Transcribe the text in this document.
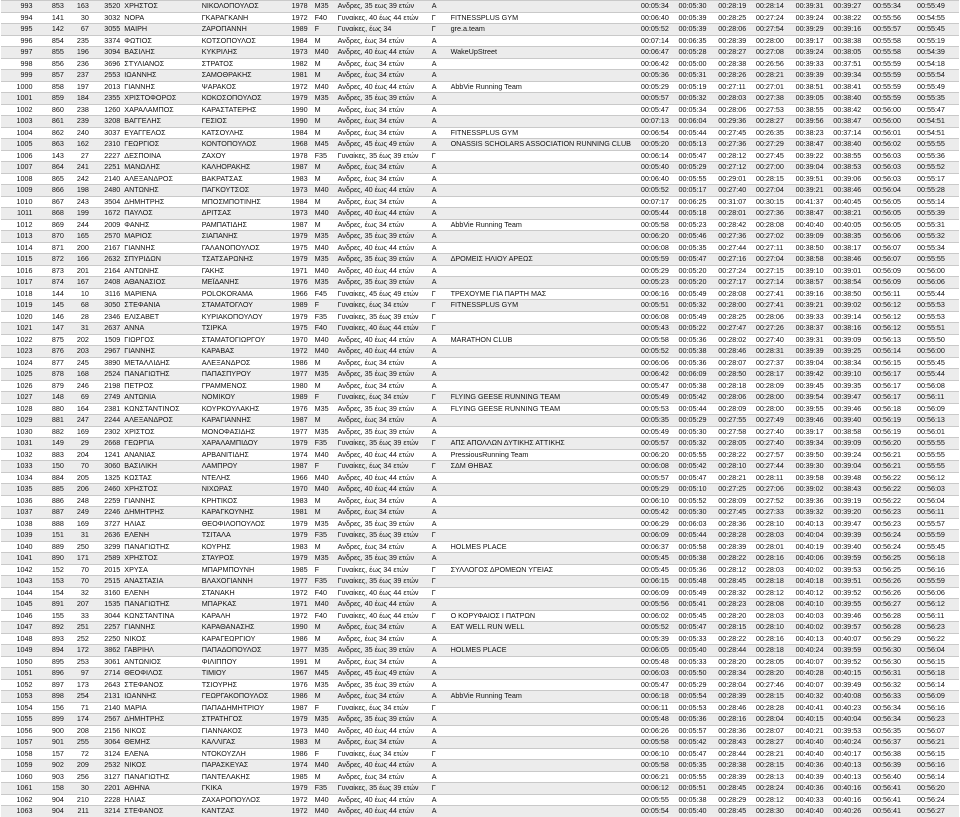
993	853	163	3520	ΧΡΗΣΤΟΣ	ΝΙΚΟΛΟΠΟΥΛΟΣ	1978	M35	Ανδρες, 35 εως 39 ετών	Α		00:05:34	00:05:30	00:28:19	00:28:14	00:39:31	00:39:27	00:55:34	00:55:49
994	141	30	3032	ΝΟΡΑ	ΓΚΑΡΑΓΚΑΝΗ	1972	F40	Γυναίκες, 40 έως 44 ετών	Γ	FITNESSPLUS GYM	00:06:40	00:05:39	00:28:25	00:27:24	00:39:24	00:38:22	00:55:56	00:54:55
995	142	67	3055	ΜΑΙΡΗ	ΖΑΡΟΠΑΝΝΗ	1989	F	Γυναίκες, έως 34	Γ	gre.a.team	00:05:52	00:05:39	00:28:06	00:27:54	00:39:29	00:39:16	00:55:57	00:55:45
996	854	235	3374	ΦΩΤΙΟΣ	ΚΟΤΣΟΠΟΥΛΟΣ	1984	M	Ανδρες, έως 34 ετών	Α		00:07:14	00:06:35	00:28:39	00:28:00	00:39:17	00:38:38	00:55:58	00:55:19
997	855	196	3094	ΒΑΣΙΛΗΣ	ΚΥΚΡΙΛΗΣ	1973	M40	Ανδρες, 40 έως 44 ετών	Α	WakeUpStreet	00:06:47	00:05:28	00:28:27	00:27:08	00:39:24	00:38:05	00:55:58	00:54:39
998	856	236	3696	ΣΤΥΛΙΑΝΟΣ	ΣΤΡΑΤΟΣ	1982	M	Ανδρες, έως 34 ετών	Α		00:06:42	00:05:00	00:28:38	00:26:56	00:39:33	00:37:51	00:55:59	00:54:18
999	857	237	2553	ΙΩΑΝΝΗΣ	ΣΑΜΟΘΡΑΚΗΣ	1981	M	Ανδρες, έως 34 ετών	Α		00:05:36	00:05:31	00:28:26	00:28:21	00:39:39	00:39:34	00:55:59	00:55:54
1000	858	197	2013	ΓΙΑΝΝΗΣ	ΨΑΡΑΚΟΣ	1972	M40	Ανδρες, 40 έως 44 ετών	Α	AbbVie Running Team	00:05:29	00:05:19	00:27:11	00:27:01	00:38:51	00:38:41	00:55:59	00:55:49
1001	859	184	2355	ΧΡΙΣΤΟΦΟΡΟΣ	ΚΟΚΟΣΟΠΟΥΛΟΣ	1979	M35	Ανδρες, 35 έως 39 ετών	Α		00:05:57	00:05:32	00:28:03	00:27:38	00:39:05	00:38:40	00:55:59	00:55:35
1002	860	238	1260	ΧΑΡΑΛΑΜΠΟΣ	ΚΑΡΑΣΤΑΤΕΡΗΣ	1990	M	Ανδρες, έως 34 ετών	Α		00:05:47	00:05:34	00:28:06	00:27:53	00:38:55	00:38:42	00:56:00	00:55:47
1003	861	239	3208	ΒΑΓΓΕΛΗΣ	ΓΕΣΙΟΣ	1990	M	Ανδρες, έως 34 ετών	Α		00:07:13	00:06:04	00:29:36	00:28:27	00:39:56	00:38:47	00:56:00	00:54:51
1004	862	240	3037	ΕΥΑΓΓΕΛΟΣ	ΚΑΤΣΟΥΛΗΣ	1984	M	Ανδρες, έως 34 ετών	Α	FITNESSPLUS GYM	00:06:54	00:05:44	00:27:45	00:26:35	00:38:23	00:37:14	00:56:01	00:54:51
1005	863	162	2310	ΓΕΩΡΓΙΟΣ	ΚΟΝΤΟΠΟΥΛΟΣ	1968	M45	Ανδρες, 45 έως 49 ετών	Α	ONASSIS SCHOLARS ASSOCIATION RUNNING CLUB	00:05:20	00:05:13	00:27:36	00:27:29	00:38:47	00:38:40	00:56:02	00:55:55
1006	143	27	2227	ΔΕΣΠΟΙΝΑ	ΖΑΧΟΥ	1978	F35	Γυναίκες, 35 έως 39 ετών	Γ		00:06:14	00:05:47	00:28:12	00:27:45	00:39:22	00:38:55	00:56:03	00:55:36
1007	864	241	2251	ΜΑΝΩΛΗΣ	ΚΑΛΗΟΡΑΚΗΣ	1987	M	Ανδρες, έως 34 ετών	Α		00:05:40	00:05:29	00:27:12	00:27:00	00:39:04	00:38:53	00:56:03	00:55:52
1008	865	242	2140	ΑΛΕΞΑΝΔΡΟΣ	ΒΑΚΡΑΤΣΑΣ	1983	M	Ανδρες, έως 34 ετών	Α		00:06:40	00:05:55	00:29:01	00:28:15	00:39:51	00:39:06	00:56:03	00:55:17
1009	866	198	2480	ΑΝΤΩΝΗΣ	ΠΑΓΚΟΥΤΣΟΣ	1973	M40	Ανδρες, 40 έως 44 ετών	Α		00:05:52	00:05:17	00:27:40	00:27:04	00:39:21	00:38:46	00:56:04	00:55:28
1010	867	243	3504	ΔΗΜΗΤΡΗΣ	ΜΠΟΣΜΠΟΤΙΝΗΣ	1984	M	Ανδρες, έως 34 ετών	Α		00:07:17	00:06:25	00:31:07	00:30:15	00:41:37	00:40:45	00:56:05	00:55:14
1011	868	199	1672	ΠΑΥΛΟΣ	ΔΡΙΤΣΑΣ	1973	M40	Ανδρες, 40 έως 44 ετών	Α		00:05:44	00:05:18	00:28:01	00:27:36	00:38:47	00:38:21	00:56:05	00:55:39
1012	869	244	2009	ΦΑΝΗΣ	ΡΑΜΠΑΤΙΔΗΣ	1987	M	Ανδρες, έως 34 ετών	Α	AbbVie Running Team	00:05:58	00:05:23	00:28:42	00:28:08	00:40:40	00:40:05	00:56:05	00:55:31
1013	870	165	2570	ΜΑΡΙΟΣ	ΣΙΑΠΑΝΗΣ	1979	M35	Ανδρες, 35 έως 39 ετών	Α		00:06:20	00:05:46	00:27:36	00:27:02	00:39:09	00:38:35	00:56:06	00:55:32
1014	871	200	2167	ΓΙΑΝΝΗΣ	ΓΑΛΑΝΟΠΟΥΛΟΣ	1975	M40	Ανδρες, 40 έως 44 ετών	Α		00:06:08	00:05:35	00:27:44	00:27:11	00:38:50	00:38:17	00:56:07	00:55:34
1015	872	166	2632	ΣΠΥΡΙΔΩΝ	ΤΣΑΤΣΑΡΩΝΗΣ	1979	M35	Ανδρες, 35 έως 39 ετών	Α	ΔΡΟΜΕΙΣ ΗΛΙΟΥ ΑΡΕΩΣ	00:05:59	00:05:47	00:27:16	00:27:04	00:38:58	00:38:46	00:56:07	00:55:55
1016	873	201	2164	ΑΝΤΩΝΗΣ	ΓΑΚΗΣ	1971	M40	Ανδρες, 40 έως 44 ετών	Α		00:05:29	00:05:20	00:27:24	00:27:15	00:39:10	00:39:01	00:56:09	00:56:00
1017	874	167	2408	ΑΘΑΝΑΣΙΟΣ	ΜΕΪΔΑΝΗΣ	1976	M35	Ανδρες, 35 έως 39 ετών	Α		00:05:23	00:05:20	00:27:17	00:27:14	00:38:57	00:38:54	00:56:09	00:56:06
1018	144	10	3116	ΜΑΡΙΕΝΑ	POLOKORAMA	1966	F45	Γυναίκες, 45 έως 49 ετών	Γ	ΤΡΕΧΟΥΜΕ ΓΙΑ ΠΑΡΤΗ ΜΑΣ	00:06:16	00:05:49	00:28:08	00:27:41	00:39:16	00:38:50	00:56:11	00:55:44
1019	145	68	3050	ΣΤΕΦΑΝΙΑ	ΣΤΑΜΑΤΟΓΛΟΥ	1989	F	Γυναίκες, έως 34 ετών	Γ	FITNESSPLUS GYM	00:05:51	00:05:32	00:28:00	00:27:41	00:39:21	00:39:02	00:56:12	00:55:53
1020	146	28	2346	ΕΛΙΣΑΒΕΤ	ΚΥΡΙΑΚΟΠΟΥΛΟΥ	1979	F35	Γυναίκες, 35 έως 39 ετών	Γ		00:06:08	00:05:49	00:28:25	00:28:06	00:39:33	00:39:14	00:56:12	00:55:53
1021	147	31	2637	ΑΝΝΑ	ΤΣΙΡΚΑ	1975	F40	Γυναίκες, 40 έως 44 ετών	Γ		00:05:43	00:05:22	00:27:47	00:27:26	00:38:37	00:38:16	00:56:12	00:55:51
1022	875	202	1509	ΓΙΩΡΓΟΣ	ΣΤΑΜΑΤΟΓΙΩΡΓΟΥ	1970	M40	Ανδρες, 40 έως 44 ετών	Α	MARATHON CLUB	00:05:58	00:05:36	00:28:02	00:27:40	00:39:31	00:39:09	00:56:13	00:55:50
1023	876	203	2967	ΓΙΑΝΝΗΣ	ΚΑΡΑΒΑΣ	1972	M40	Ανδρες, 40 έως 44 ετών	Α		00:05:52	00:05:38	00:28:46	00:28:31	00:39:39	00:39:25	00:56:14	00:56:00
1024	877	245	3890	ΜΕΤΑΛΛΙΔΗΣ	ΑΛΕΞΑΝΔΡΟΣ	1986	M	Ανδρες, έως 34 ετών	Α		00:06:06	00:05:36	00:28:07	00:27:37	00:39:04	00:38:34	00:56:15	00:55:45
1025	878	168	2524	ΠΑΝΑΓΙΩΤΗΣ	ΠΑΠΑΣΠΥΡΟΥ	1977	M35	Ανδρες, 35 έως 39 ετών	Α		00:06:42	00:06:09	00:28:50	00:28:17	00:39:42	00:39:10	00:56:17	00:55:44
1026	879	246	2198	ΠΕΤΡΟΣ	ΓΡΑΜΜΕΝΟΣ	1980	M	Ανδρες, έως 34 ετών	Α		00:05:47	00:05:38	00:28:18	00:28:09	00:39:45	00:39:35	00:56:17	00:56:08
1027	148	69	2749	ΑΝΤΩΝΙΑ	ΝΟΜΙΚΟΥ	1989	F	Γυναίκες, έως 34 ετών	Γ	FLYING GEESE RUNNING TEAM	00:05:49	00:05:42	00:28:06	00:28:00	00:39:54	00:39:47	00:56:17	00:56:11
1028	880	164	2381	ΚΩΝΣΤΑΝΤΙΝΟΣ	ΚΟΥΡΚΟΥΛΑΚΗΣ	1976	M35	Ανδρες, 35 έως 39 ετών	Α	FLYING GEESE RUNNING TEAM	00:05:53	00:05:44	00:28:09	00:28:00	00:39:55	00:39:46	00:56:18	00:56:09
1029	881	247	2244	ΑΛΕΞΑΝΔΡΟΣ	ΚΑΡΑΓΙΑΝΝΗΣ	1987	M	Ανδρες, έως 34 ετών	Α		00:05:35	00:05:29	00:27:55	00:27:49	00:39:46	00:39:40	00:56:19	00:56:13
1030	882	169	2302	ΧΡΙΣΤΟΣ	ΜΟΝΟΦΑΣΙΔΗΣ	1977	M35	Ανδρες, 35 έως 39 ετών	Α		00:05:49	00:05:30	00:27:58	00:27:40	00:39:17	00:38:58	00:56:19	00:56:01
1031	149	29	2668	ΓΕΩΡΓΙΑ	ΧΑΡΑΛΑΜΠΙΔΟΥ	1979	F35	Γυναίκες, 35 έως 39 ετών	Γ	ΑΠΣ ΑΠΟΛΛΩΝ ΔΥΤΙΚΗΣ ΑΤΤΙΚΗΣ	00:05:57	00:05:32	00:28:05	00:27:40	00:39:34	00:39:09	00:56:20	00:55:55
1032	883	204	1241	ΑΝΑΝΙΑΣ	ΑΡΒΑΝΙΤΙΔΗΣ	1974	M40	Ανδρες, 40 έως 44 ετών	Α	PressiousRunning Team	00:06:20	00:05:55	00:28:22	00:27:57	00:39:50	00:39:24	00:56:21	00:55:55
1033	150	70	3060	ΒΑΣΙΛΙΚΗ	ΛΑΜΠΡΟΥ	1987	F	Γυναίκες, έως 34 ετών	Γ	ΣΔΜ ΘΗΒΑΣ	00:06:08	00:05:42	00:28:10	00:27:44	00:39:30	00:39:04	00:56:21	00:55:55
1034	884	205	1325	ΚΩΣΤΑΣ	ΝΤΕΛΗΣ	1966	M40	Ανδρες, 40 έως 44 ετών	Α		00:05:57	00:05:47	00:28:21	00:28:11	00:39:58	00:39:48	00:56:22	00:56:12
1035	885	206	2460	ΧΡΗΣΤΟΣ	ΝΙΧΩΡΑΣ	1970	M40	Ανδρες, 40 έως 44 ετών	Α		00:05:29	00:05:10	00:27:25	00:27:06	00:39:02	00:38:43	00:56:22	00:56:03
1036	886	248	2259	ΓΙΑΝΝΗΣ	ΚΡΗΤΙΚΟΣ	1983	M	Ανδρες, έως 34 ετών	Α		00:06:10	00:05:52	00:28:09	00:27:52	00:39:36	00:39:19	00:56:22	00:56:04
1037	887	249	2246	ΔΗΜΗΤΡΗΣ	ΚΑΡΑΓΚΟΥΝΗΣ	1981	M	Ανδρες, έως 34 ετών	Α		00:05:42	00:05:30	00:27:45	00:27:33	00:39:32	00:39:20	00:56:23	00:56:11
1038	888	169	3727	ΗΛΙΑΣ	ΘΕΟΦΙΛΟΠΟΥΛΟΣ	1979	M35	Ανδρες, 35 έως 39 ετών	Α		00:06:29	00:06:03	00:28:36	00:28:10	00:40:13	00:39:47	00:56:23	00:55:57
1039	151	31	2636	ΕΛΕΝΗ	ΤΣΙΤΑΛΑ	1979	F35	Γυναίκες, 35 έως 39 ετών	Γ		00:06:09	00:05:44	00:28:28	00:28:03	00:40:04	00:39:39	00:56:24	00:55:59
1040	889	250	3299	ΠΑΝΑΓΙΩΤΗΣ	ΚΟΥΡΗΣ	1983	M	Ανδρες, έως 34 ετών	Α	HOLMES PLACE	00:06:37	00:05:58	00:28:39	00:28:01	00:40:19	00:39:40	00:56:24	00:55:45
1041	890	171	2589	ΧΡΗΣΤΟΣ	ΣΤΑΥΡΟΣ	1979	M35	Ανδρες, 35 έως 39 ετών	Α		00:05:45	00:05:38	00:28:22	00:28:16	00:40:06	00:39:59	00:56:25	00:56:18
1042	152	70	2015	ΧΡΥΣΑ	ΜΠΑΡΜΠΟΥΝΗ	1985	F	Γυναίκες, έως 34 ετών	Γ	ΣΥΛΛΟΓΟΣ ΔΡΟΜΕΩΝ ΥΓΕΙΑΣ	00:05:45	00:05:36	00:28:12	00:28:03	00:40:02	00:39:53	00:56:25	00:56:16
1043	153	70	2515	ΑΝΑΣΤΑΣΙΑ	ΒΛΑΧΟΓΙΑΝΝΗ	1977	F35	Γυναίκες, 35 έως 39 ετών	Γ		00:06:15	00:05:48	00:28:45	00:28:18	00:40:18	00:39:51	00:56:26	00:55:59
1044	154	32	3160	ΕΛΕΝΗ	ΣΤΑΝΑΚΗ	1972	F40	Γυναίκες, 40 έως 44 ετών	Γ		00:06:09	00:05:49	00:28:32	00:28:12	00:40:12	00:39:52	00:56:26	00:56:06
1045	891	207	1535	ΠΑΝΑΓΙΩΤΗΣ	ΜΠΑΡΚΑΣ	1971	M40	Ανδρες, 40 έως 44 ετών	Α		00:05:56	00:05:41	00:28:23	00:28:08	00:40:10	00:39:55	00:56:27	00:56:12
1046	155	33	3044	ΚΩΝΣΤΑΝΤΙΝΑ	ΚΑΡΑΛΗ	1972	F40	Γυναίκες, 40 έως 44 ετών	Γ	Ο ΚΟΡΥΦΑΙΟΣ Ι ΠΑΤΡΩΝ	00:06:02	00:05:45	00:28:20	00:28:03	00:40:03	00:39:46	00:56:28	00:56:11
1047	892	251	2257	ΓΙΑΝΝΗΣ	ΚΑΡΑΘΑΝΑΣΗΣ	1990	M	Ανδρες, έως 34 ετών	Α	EAT WELL RUN WELL	00:05:52	00:05:47	00:28:15	00:28:10	00:40:02	00:39:57	00:56:28	00:56:23
1048	893	252	2250	ΝΙΚΟΣ	ΚΑΡΑΓΕΩΡΓΙΟΥ	1986	M	Ανδρες, έως 34 ετών	Α		00:05:39	00:05:33	00:28:22	00:28:16	00:40:13	00:40:07	00:56:29	00:56:22
1049	894	172	3862	ΓΑΒΡΙΗΛ	ΠΑΠΑΔΟΠΟΥΛΟΣ	1977	M35	Ανδρες, 35 έως 39 ετών	Α	HOLMES PLACE	00:06:05	00:05:40	00:28:44	00:28:18	00:40:24	00:39:59	00:56:30	00:56:04
1050	895	253	3061	ΑΝΤΩΝΙΟΣ	ΦΙΛΙΠΠΟΥ	1991	M	Ανδρες, έως 34 ετών	Α		00:05:48	00:05:33	00:28:20	00:28:05	00:40:07	00:39:52	00:56:30	00:56:15
1051	896	97	2714	ΘΕΟΦΙΛΟΣ	ΤΙΜΙΟΥ	1967	M45	Ανδρες, 45 έως 49 ετών	Α		00:06:03	00:05:50	00:28:34	00:28:20	00:40:28	00:40:15	00:56:31	00:56:18
1052	897	173	2643	ΣΤΕΦΑΝΟΣ	ΤΣΙΟΥΡΗΣ	1976	M35	Ανδρες, 35 έως 39 ετών	Α		00:05:47	00:05:29	00:28:04	00:27:46	00:40:07	00:39:49	00:56:32	00:56:14
1053	898	254	2131	ΙΩΑΝΝΗΣ	ΓΕΩΡΓΑΚΟΠΟΥΛΟΣ	1986	M	Ανδρες, έως 34 ετών	Α	AbbVie Running Team	00:06:18	00:05:54	00:28:39	00:28:15	00:40:32	00:40:08	00:56:33	00:56:09
1054	156	71	2140	ΜΑΡΙΑ	ΠΑΠΑΔΗΜΗΤΡΙΟΥ	1987	F	Γυναίκες, έως 34 ετών	Γ		00:06:11	00:05:53	00:28:46	00:28:28	00:40:41	00:40:23	00:56:34	00:56:16
1055	899	174	2567	ΔΗΜΗΤΡΗΣ	ΣΤΡΑΤΗΓΟΣ	1979	M35	Ανδρες, 35 έως 39 ετών	Α		00:05:48	00:05:36	00:28:16	00:28:04	00:40:15	00:40:04	00:56:34	00:56:23
1056	900	208	2156	ΝΙΚΟΣ	ΓΙΑΝΝΑΚΟΣ	1973	M40	Ανδρες, 40 έως 44 ετών	Α		00:06:26	00:05:57	00:28:36	00:28:07	00:40:21	00:39:53	00:56:35	00:56:07
1057	901	255	3064	ΘΕΜΗΣ	ΚΑΛΛΙΓΑΣ	1983	M	Ανδρες, έως 34 ετών	Α		00:05:58	00:05:42	00:28:43	00:28:27	00:40:40	00:40:24	00:56:37	00:56:21
1058	157	72	3124	ΕΛΕΝΑ	ΝΤΟΚΟΥΖΛΗ	1986	F	Γυναίκες, έως 34 ετών	Γ		00:06:10	00:05:47	00:28:44	00:28:21	00:40:40	00:40:17	00:56:38	00:56:15
1059	902	209	2532	ΝΙΚΟΣ	ΠΑΡΑΣΚΕΥΑΣ	1974	M40	Ανδρες, 40 έως 44 ετών	Α		00:05:58	00:05:35	00:28:38	00:28:15	00:40:36	00:40:13	00:56:39	00:56:16
1060	903	256	3127	ΠΑΝΑΓΙΩΤΗΣ	ΠΑΝΤΕΛΑΚΗΣ	1985	M	Ανδρες, έως 34 ετών	Α		00:06:21	00:05:55	00:28:39	00:28:13	00:40:39	00:40:13	00:56:40	00:56:14
1061	158	30	2201	ΑΘΗΝΑ	ΓΚΙΚΑ	1979	F35	Γυναίκες, 35 έως 39 ετών	Γ		00:06:12	00:05:51	00:28:45	00:28:24	00:40:36	00:40:16	00:56:41	00:56:20
1062	904	210	2228	ΗΛΙΑΣ	ΖΑΧΑΡΟΠΟΥΛΟΣ	1972	M40	Ανδρες, 40 έως 44 ετών	Α		00:05:55	00:05:38	00:28:29	00:28:12	00:40:33	00:40:16	00:56:41	00:56:24
1063	904	211	3214	ΣΤΕΦΑΝΟΣ	ΚΑΝΤΖΑΣ	1972	M40	Ανδρες, 40 έως 44 ετών	Α		00:05:54	00:05:40	00:28:45	00:28:30	00:40:40	00:40:26	00:56:41	00:56:27
